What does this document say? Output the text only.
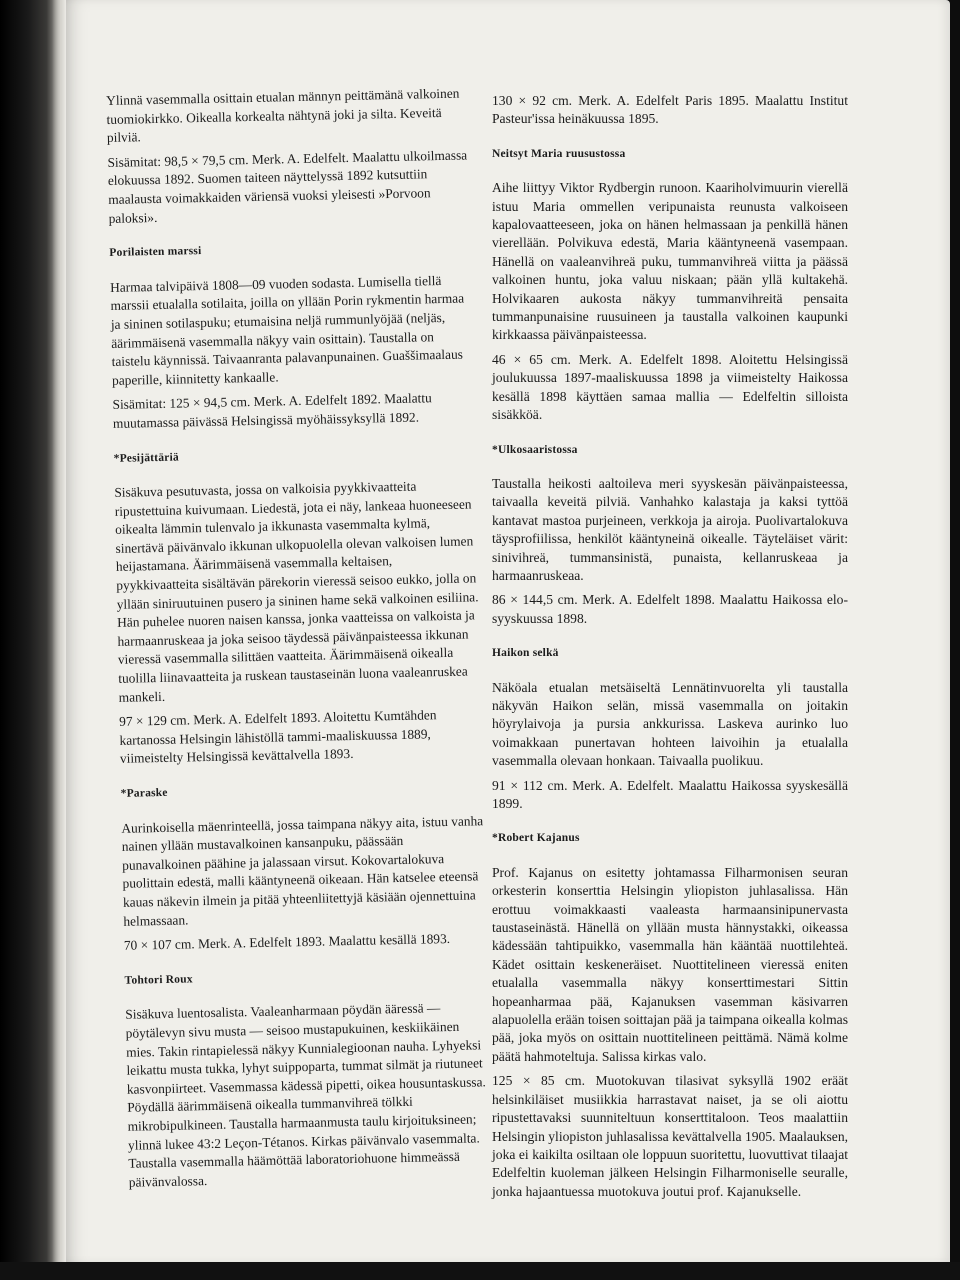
Ylinnä vasemmalla osittain etualan männyn peittämänä valkoinen tuomiokirkko. Oikealla korkealta nähtynä joki ja silta. Keveitä pilviä.

Sisämitat: 98,5 × 79,5 cm. Merk. A. Edelfelt. Maalattu ulkoilmassa elokuussa 1892. Suomen taiteen näyttelyssä 1892 kutsuttiin maalausta voimakkaiden väriensä vuoksi yleisesti »Porvoon paloksi».

Porilaisten marssi

Harmaa talvipäivä 1808—09 vuoden sodasta. Lumisella tiellä marssii etualalla sotilaita, joilla on yllään Porin rykmentin harmaa ja sininen sotilaspuku; etumaisina neljä rummunlyöjää (neljäs, äärimmäisenä vasemmalla näkyy vain osittain). Taustalla on taistelu käynnissä. Taivaanranta palavanpunainen. Guaššimaalaus paperille, kiinnitetty kankaalle.

Sisämitat: 125 × 94,5 cm. Merk. A. Edelfelt 1892. Maalattu muutamassa päivässä Helsingissä myöhäissyksyllä 1892.

*Pesijättäriä

Sisäkuva pesutuvasta, jossa on valkoisia pyykkivaatteita ripustettuina kuivumaan. Liedestä, jota ei näy, lankeaa huoneeseen oikealta lämmin tulenvalo ja ikkunasta vasemmalta kylmä, sinertävä päivänvalo ikkunan ulkopuolella olevan valkoisen lumen heijastamana. Äärimmäisenä vasemmalla keltaisen, pyykkivaatteita sisältävän pärekorin vieressä seisoo eukko, jolla on yllään siniruutuinen pusero ja sininen hame sekä valkoinen esiliina. Hän puhelee nuoren naisen kanssa, jonka vaatteissa on valkoista ja harmaanruskeaa ja joka seisoo täydessä päivänpaisteessa ikkunan vieressä vasemmalla silittäen vaatteita. Äärimmäisenä oikealla tuolilla liinavaatteita ja ruskean taustaseinän luona vaaleanruskea mankeli.

97 × 129 cm. Merk. A. Edelfelt 1893. Aloitettu Kumtähden kartanossa Helsingin lähistöllä tammi-maaliskuussa 1889, viimeistelty Helsingissä kevättalvella 1893.

*Paraske

Aurinkoisella mäenrinteellä, jossa taimpana näkyy aita, istuu vanha nainen yllään mustavalkoinen kansanpuku, päässään punavalkoinen päähine ja jalassaan virsut. Kokovartalokuva puolittain edestä, malli kääntyneenä oikeaan. Hän katselee eteensä kauas näkevin ilmein ja pitää yhteenliitettyjä käsiään ojennettuina helmassaan.

70 × 107 cm. Merk. A. Edelfelt 1893. Maalattu kesällä 1893.

Tohtori Roux

Sisäkuva luentosalista. Vaaleanharmaan pöydän ääressä — pöytälevyn sivu musta — seisoo mustapukuinen, keskiikäinen mies. Takin rintapielessä näkyy Kunnialegioonan nauha. Lyhyeksi leikattu musta tukka, lyhyt suippoparta, tummat silmät ja riutuneet kasvonpiirteet. Vasemmassa kädessä pipetti, oikea housuntaskussa. Pöydällä äärimmäisenä oikealla tummanvihreä tölkki mikrobipulkineen. Taustalla harmaanmusta taulu kirjoituksineen; ylinnä lukee 43:2 Leçon-Tétanos. Kirkas päivänvalo vasemmalta. Taustalla vasemmalla häämöttää laboratoriohuone himmeässä päivänvalossa.

130 × 92 cm. Merk. A. Edelfelt Paris 1895. Maalattu Institut Pasteur'issa heinäkuussa 1895.

Neitsyt Maria ruusustossa

Aihe liittyy Viktor Rydbergin runoon. Kaariholvimuurin vierellä istuu Maria ommellen veripunaista reunusta valkoiseen kapalovaatteeseen, joka on hänen helmassaan ja penkillä hänen vierellään. Polvikuva edestä, Maria kääntyneenä vasempaan. Hänellä on vaaleanvihreä puku, tummanvihreä viitta ja päässä valkoinen huntu, joka valuu niskaan; pään yllä kultakehä. Holvikaaren aukosta näkyy tummanvihreitä pensaita tummanpunaisine ruusuineen ja taustalla valkoinen kaupunki kirkkaassa päivänpaisteessa.

46 × 65 cm. Merk. A. Edelfelt 1898. Aloitettu Helsingissä joulukuussa 1897-maaliskuussa 1898 ja viimeistelty Haikossa kesällä 1898 käyttäen samaa mallia — Edelfeltin silloista sisäkköä.

*Ulkosaaristossa

Taustalla heikosti aaltoileva meri syyskesän päivänpaisteessa, taivaalla keveitä pilviä. Vanhahko kalastaja ja kaksi tyttöä kantavat mastoa purjeineen, verkkoja ja airoja. Puolivartalokuva täysprofiilissa, henkilöt kääntyneinä oikealle. Täyteläiset värit: sinivihreä, tummansinistä, punaista, kellanruskeaa ja harmaanruskeaa.

86 × 144,5 cm. Merk. A. Edelfelt 1898. Maalattu Haikossa elo-syyskuussa 1898.

Haikon selkä

Näköala etualan metsäiseltä Lennätinvuorelta yli taustalla näkyvän Haikon selän, missä vasemmalla on joitakin höyrylaivoja ja pursia ankkurissa. Laskeva aurinko luo voimakkaan punertavan hohteen laivoihin ja etualalla vasemmalla olevaan honkaan. Taivaalla puolikuu.

91 × 112 cm. Merk. A. Edelfelt. Maalattu Haikossa syyskesällä 1899.

*Robert Kajanus

Prof. Kajanus on esitetty johtamassa Filharmonisen seuran orkesterin konserttia Helsingin yliopiston juhlasalissa. Hän erottuu voimakkaasti vaaleasta harmaansinipunervasta taustaseinästä. Hänellä on yllään musta hännystakki, oikeassa kädessään tahtipuikko, vasemmalla hän kääntää nuottilehteä. Kädet osittain keskeneräiset. Nuottitelineen vieressä eniten etualalla vasemmalla näkyy konserttimestari Sittin hopeanharmaa pää, Kajanuksen vasemman käsivarren alapuolella erään toisen soittajan pää ja taimpana oikealla kolmas pää, joka myös on osittain nuottitelineen peittämä. Nämä kolme päätä hahmoteltuja. Salissa kirkas valo.

125 × 85 cm. Muotokuvan tilasivat syksyllä 1902 eräät helsinkiläiset musiikkia harrastavat naiset, ja se oli aiottu ripustettavaksi suunniteltuun konserttitaloon. Teos maalattiin Helsingin yliopiston juhlasalissa kevättalvella 1905. Maalauksen, joka ei kaikilta osiltaan ole loppuun suoritettu, luovuttivat tilaajat Edelfeltin kuoleman jälkeen Helsingin Filharmoniselle seuralle, jonka hajaantuessa muotokuva joutui prof. Kajanukselle.
